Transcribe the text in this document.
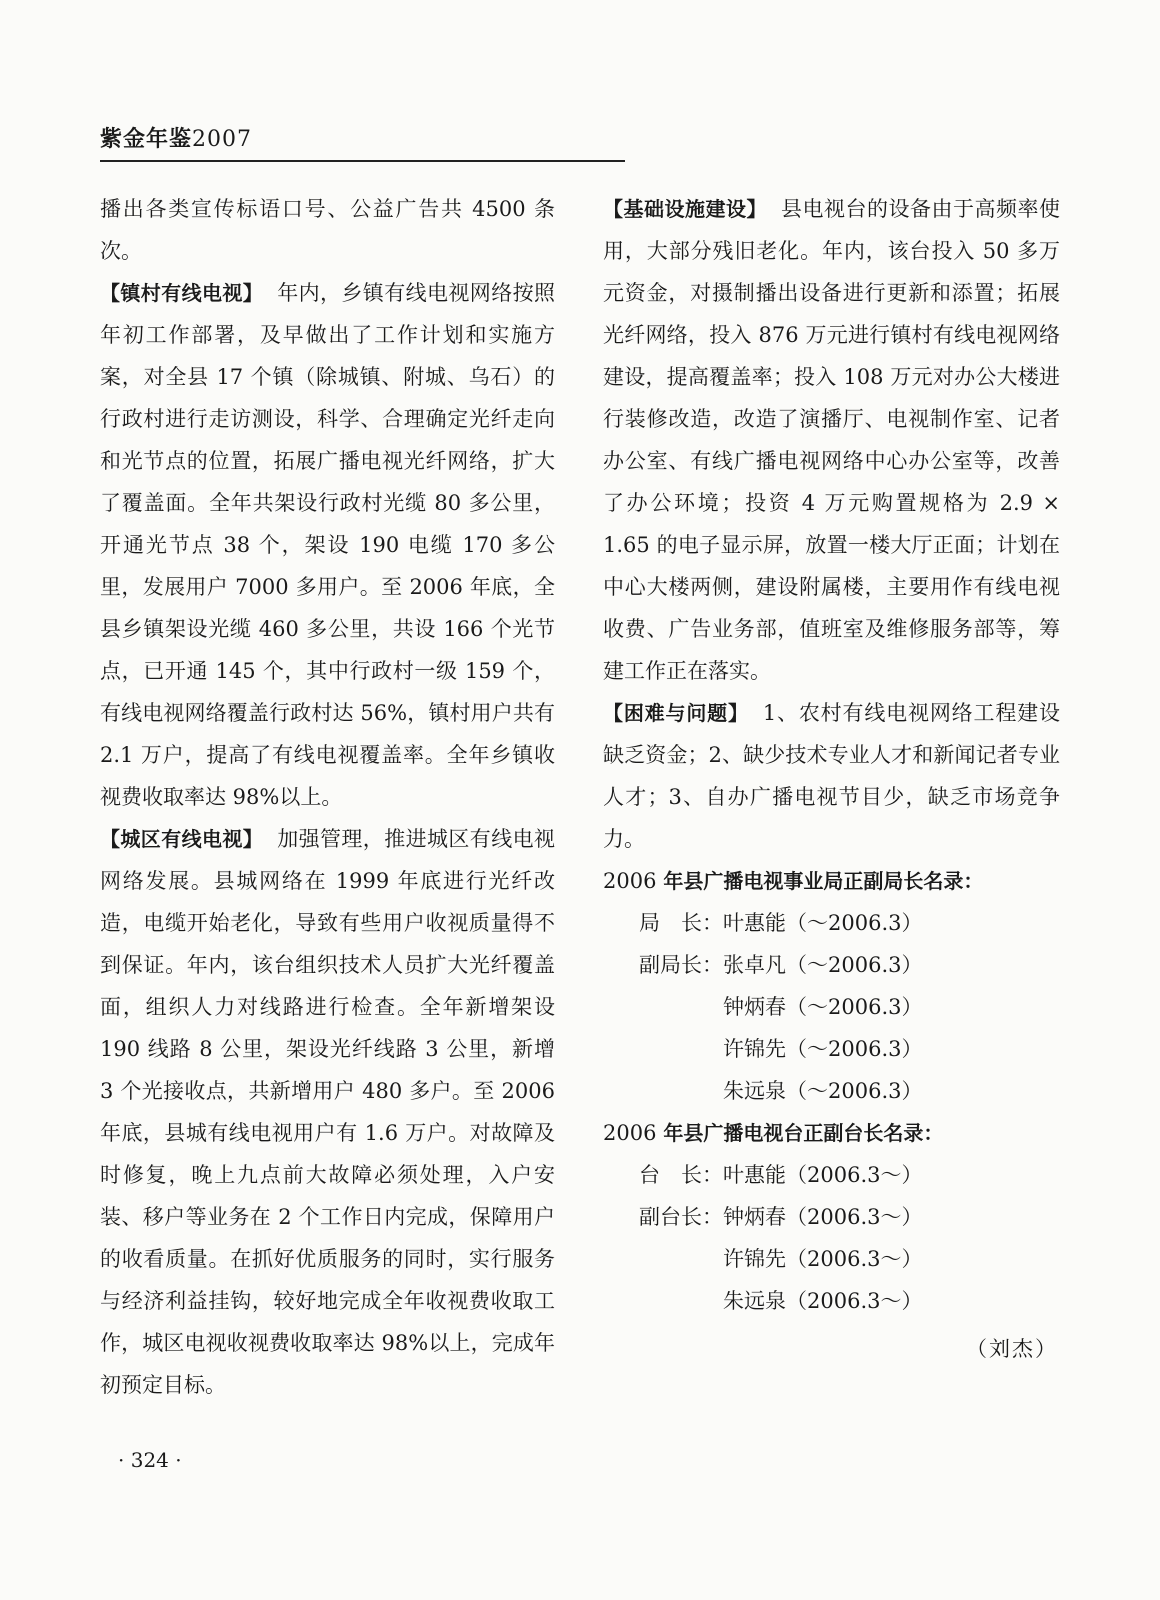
紫金年鉴2007

播出各类宣传标语口号、公益广告共 4500 条次。

【镇村有线电视】 年内，乡镇有线电视网络按照年初工作部署，及早做出了工作计划和实施方案，对全县 17 个镇（除城镇、附城、乌石）的行政村进行走访测设，科学、合理确定光纤走向和光节点的位置，拓展广播电视光纤网络，扩大了覆盖面。全年共架设行政村光缆 80 多公里，开通光节点 38 个，架设 190 电缆 170 多公里，发展用户 7000 多用户。至 2006 年底，全县乡镇架设光缆 460 多公里，共设 166 个光节点，已开通 145 个，其中行政村一级 159 个，有线电视网络覆盖行政村达 56%，镇村用户共有 2.1 万户，提高了有线电视覆盖率。全年乡镇收视费收取率达 98%以上。

【城区有线电视】 加强管理，推进城区有线电视网络发展。县城网络在 1999 年底进行光纤改造，电缆开始老化，导致有些用户收视质量得不到保证。年内，该台组织技术人员扩大光纤覆盖面，组织人力对线路进行检查。全年新增架设 190 线路 8 公里，架设光纤线路 3 公里，新增 3 个光接收点，共新增用户 480 多户。至 2006 年底，县城有线电视用户有 1.6 万户。对故障及时修复，晚上九点前大故障必须处理，入户安装、移户等业务在 2 个工作日内完成，保障用户的收看质量。在抓好优质服务的同时，实行服务与经济利益挂钩，较好地完成全年收视费收取工作，城区电视收视费收取率达 98%以上，完成年初预定目标。

【基础设施建设】 县电视台的设备由于高频率使用，大部分残旧老化。年内，该台投入 50 多万元资金，对摄制播出设备进行更新和添置；拓展光纤网络，投入 876 万元进行镇村有线电视网络建设，提高覆盖率；投入 108 万元对办公大楼进行装修改造，改造了演播厅、电视制作室、记者办公室、有线广播电视网络中心办公室等，改善了办公环境；投资 4 万元购置规格为 2.9 × 1.65 的电子显示屏，放置一楼大厅正面；计划在中心大楼两侧，建设附属楼，主要用作有线电视收费、广告业务部，值班室及维修服务部等，筹建工作正在落实。

【困难与问题】 1、农村有线电视网络工程建设缺乏资金；2、缺少技术专业人才和新闻记者专业人才；3、自办广播电视节目少，缺乏市场竞争力。

2006 年县广播电视事业局正副局长名录：
局　长： 叶惠能（～2006.3）
副局长： 张卓凡（～2006.3）
钟炳春（～2006.3）
许锦先（～2006.3）
朱远泉（～2006.3）
2006 年县广播电视台正副台长名录：
台　长： 叶惠能（2006.3～）
副台长： 钟炳春（2006.3～）
许锦先（2006.3～）
朱远泉（2006.3～）
（刘杰）
· 324 ·
